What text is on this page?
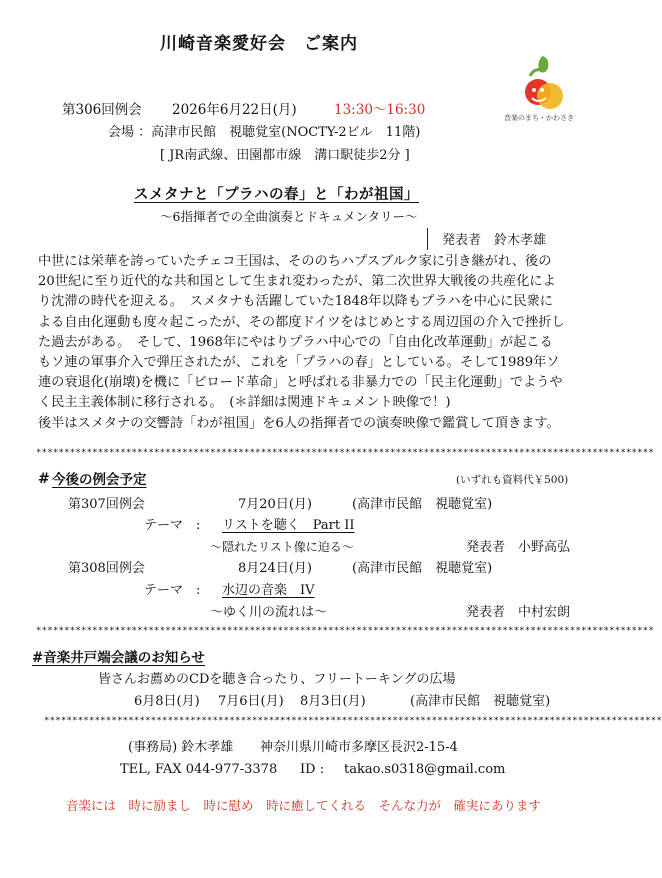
川崎音楽愛好会　ご案内
第306回例会 2026年6月22日(月)	13:30～16:30
会場 ：高津市民館　視聴覚室(NOCTY-2ビル　11階)
[ JR南武線、田園都市線　溝口駅徒歩2分 ]
音楽のまち・かわさき
スメタナと「プラハの春」と「わが祖国」
～6指揮者での全曲演奏とドキュメンタリー～
発表者　鈴木孝雄
中世には栄華を誇っていたチェコ王国は、そののちハプスブルク家に引き継がれ、後の
20世紀に至り近代的な共和国として生まれ変わったが、第二次世界大戦後の共産化によ
り沈滞の時代を迎える。　スメタナも活躍していた1848年以降もプラハを中心に民衆に
よる自由化運動も度々起こったが、その都度ドイツをはじめとする周辺国の介入で挫折し
た過去がある。　そして、1968年にやはりプラハ中心での「自由化改革運動」が起こる
もソ連の軍事介入で弾圧されたが、これを「プラハの春」としている。そして1989年ソ
連の衰退化(崩壊)を機に「ビロード革命」と呼ばれる非暴力での「民主化運動」でようや
く民主主義体制に移行される。　(＊詳細は関連ドキュメント映像で！)
後半はスメタナの交響詩「わが祖国」を6人の指揮者での演奏映像で鑑賞して頂きます。
**************************************************************************************************************
# 今後の例会予定	(いずれも資料代￥500)
第307回例会	7月20日(月)	(高津市民館　視聴覚室)
テーマ　: リストを聴く　Part II
～隠れたリスト像に迫る～	発表者　小野高弘
第308回例会	8月24日(月)	(高津市民館　視聴覚室)
テーマ　: 水辺の音楽　IV
～ゆく川の流れは～	発表者　中村宏朗
**************************************************************************************************************
#音楽井戸端会議のお知らせ
皆さんお薦めのCDを聴き合ったり、フリートーキングの広場
6月8日(月) 7月6日(月) 8月3日(月)	(高津市民館　視聴覚室)
**************************************************************************************************************
(事務局) 鈴木孝雄 神奈川県川崎市多摩区長沢2-15-4
TEL, FAX 044-977-3378 ID : takao.s0318@gmail.com
音楽には　時に励まし　時に慰め　時に癒してくれる　そんな力が　確実にあります
